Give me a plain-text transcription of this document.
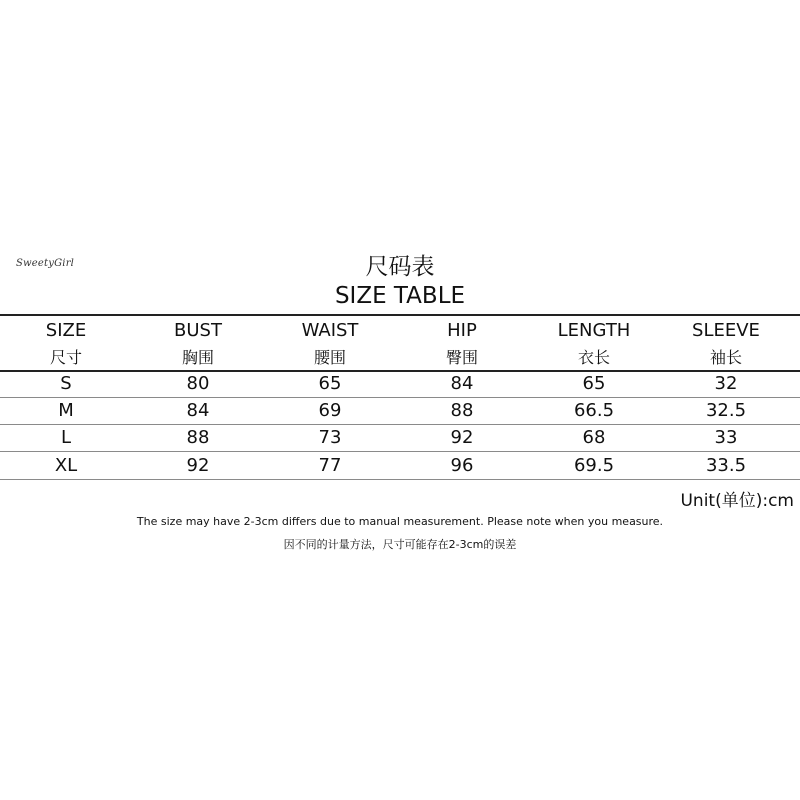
SweetyGirl	尺码表
SIZE TABLE
SIZE	BUST	WAIST	HIP	LENGTH	SLEEVE
尺寸	胸围	腰围	臀围	衣长	袖长
S	80	65	84	65	32
M	84	69	88	66.5	32.5
L	88	73	92	68	33
XL	92	77	96	69.5	33.5
Unit(单位):cm
The size may have 2-3cm differs due to manual measurement. Please note when you measure.
因不同的计量方法，尺寸可能存在2-3cm的误差
